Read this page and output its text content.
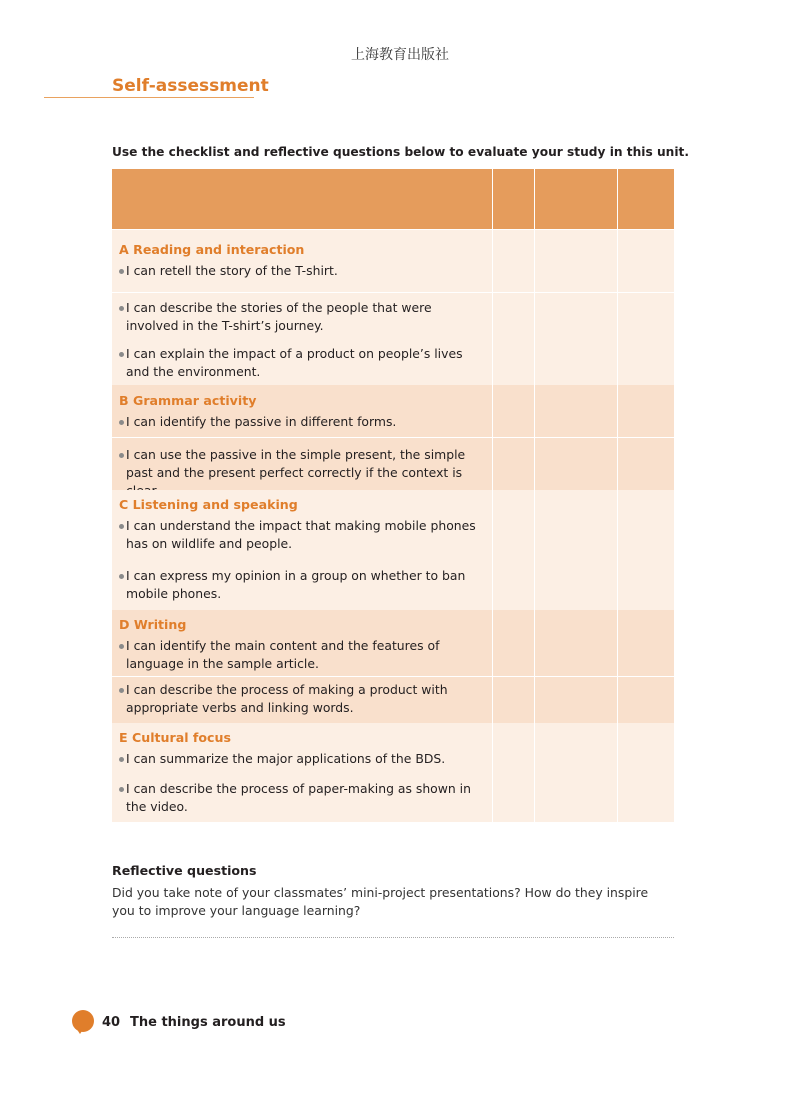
上海教育出版社
Self-assessment
Use the checklist and reflective questions below to evaluate your study in this unit.
A Reading and interaction
I can retell the story of the T-shirt.
I can describe the stories of the people that were involved in the T-shirt’s journey.
I can explain the impact of a product on people’s lives and the environment.
B Grammar activity
I can identify the passive in different forms.
I can use the passive in the simple present, the simple past and the present perfect correctly if the context is
C Listening and speaking
I can understand the impact that making mobile phones has on wildlife and people.
I can express my opinion in a group on whether to ban mobile phones.
D Writing
I can identify the main content and the features of language in the sample article.
I can describe the process of making a product with appropriate verbs and linking words.
E Cultural focus
I can summarize the major applications of the BDS.
I can describe the process of paper-making as shown in the video.
Reflective questions
Did you take note of your classmates’ mini-project presentations? How do they inspire you to improve your language learning?
40 The things around us
